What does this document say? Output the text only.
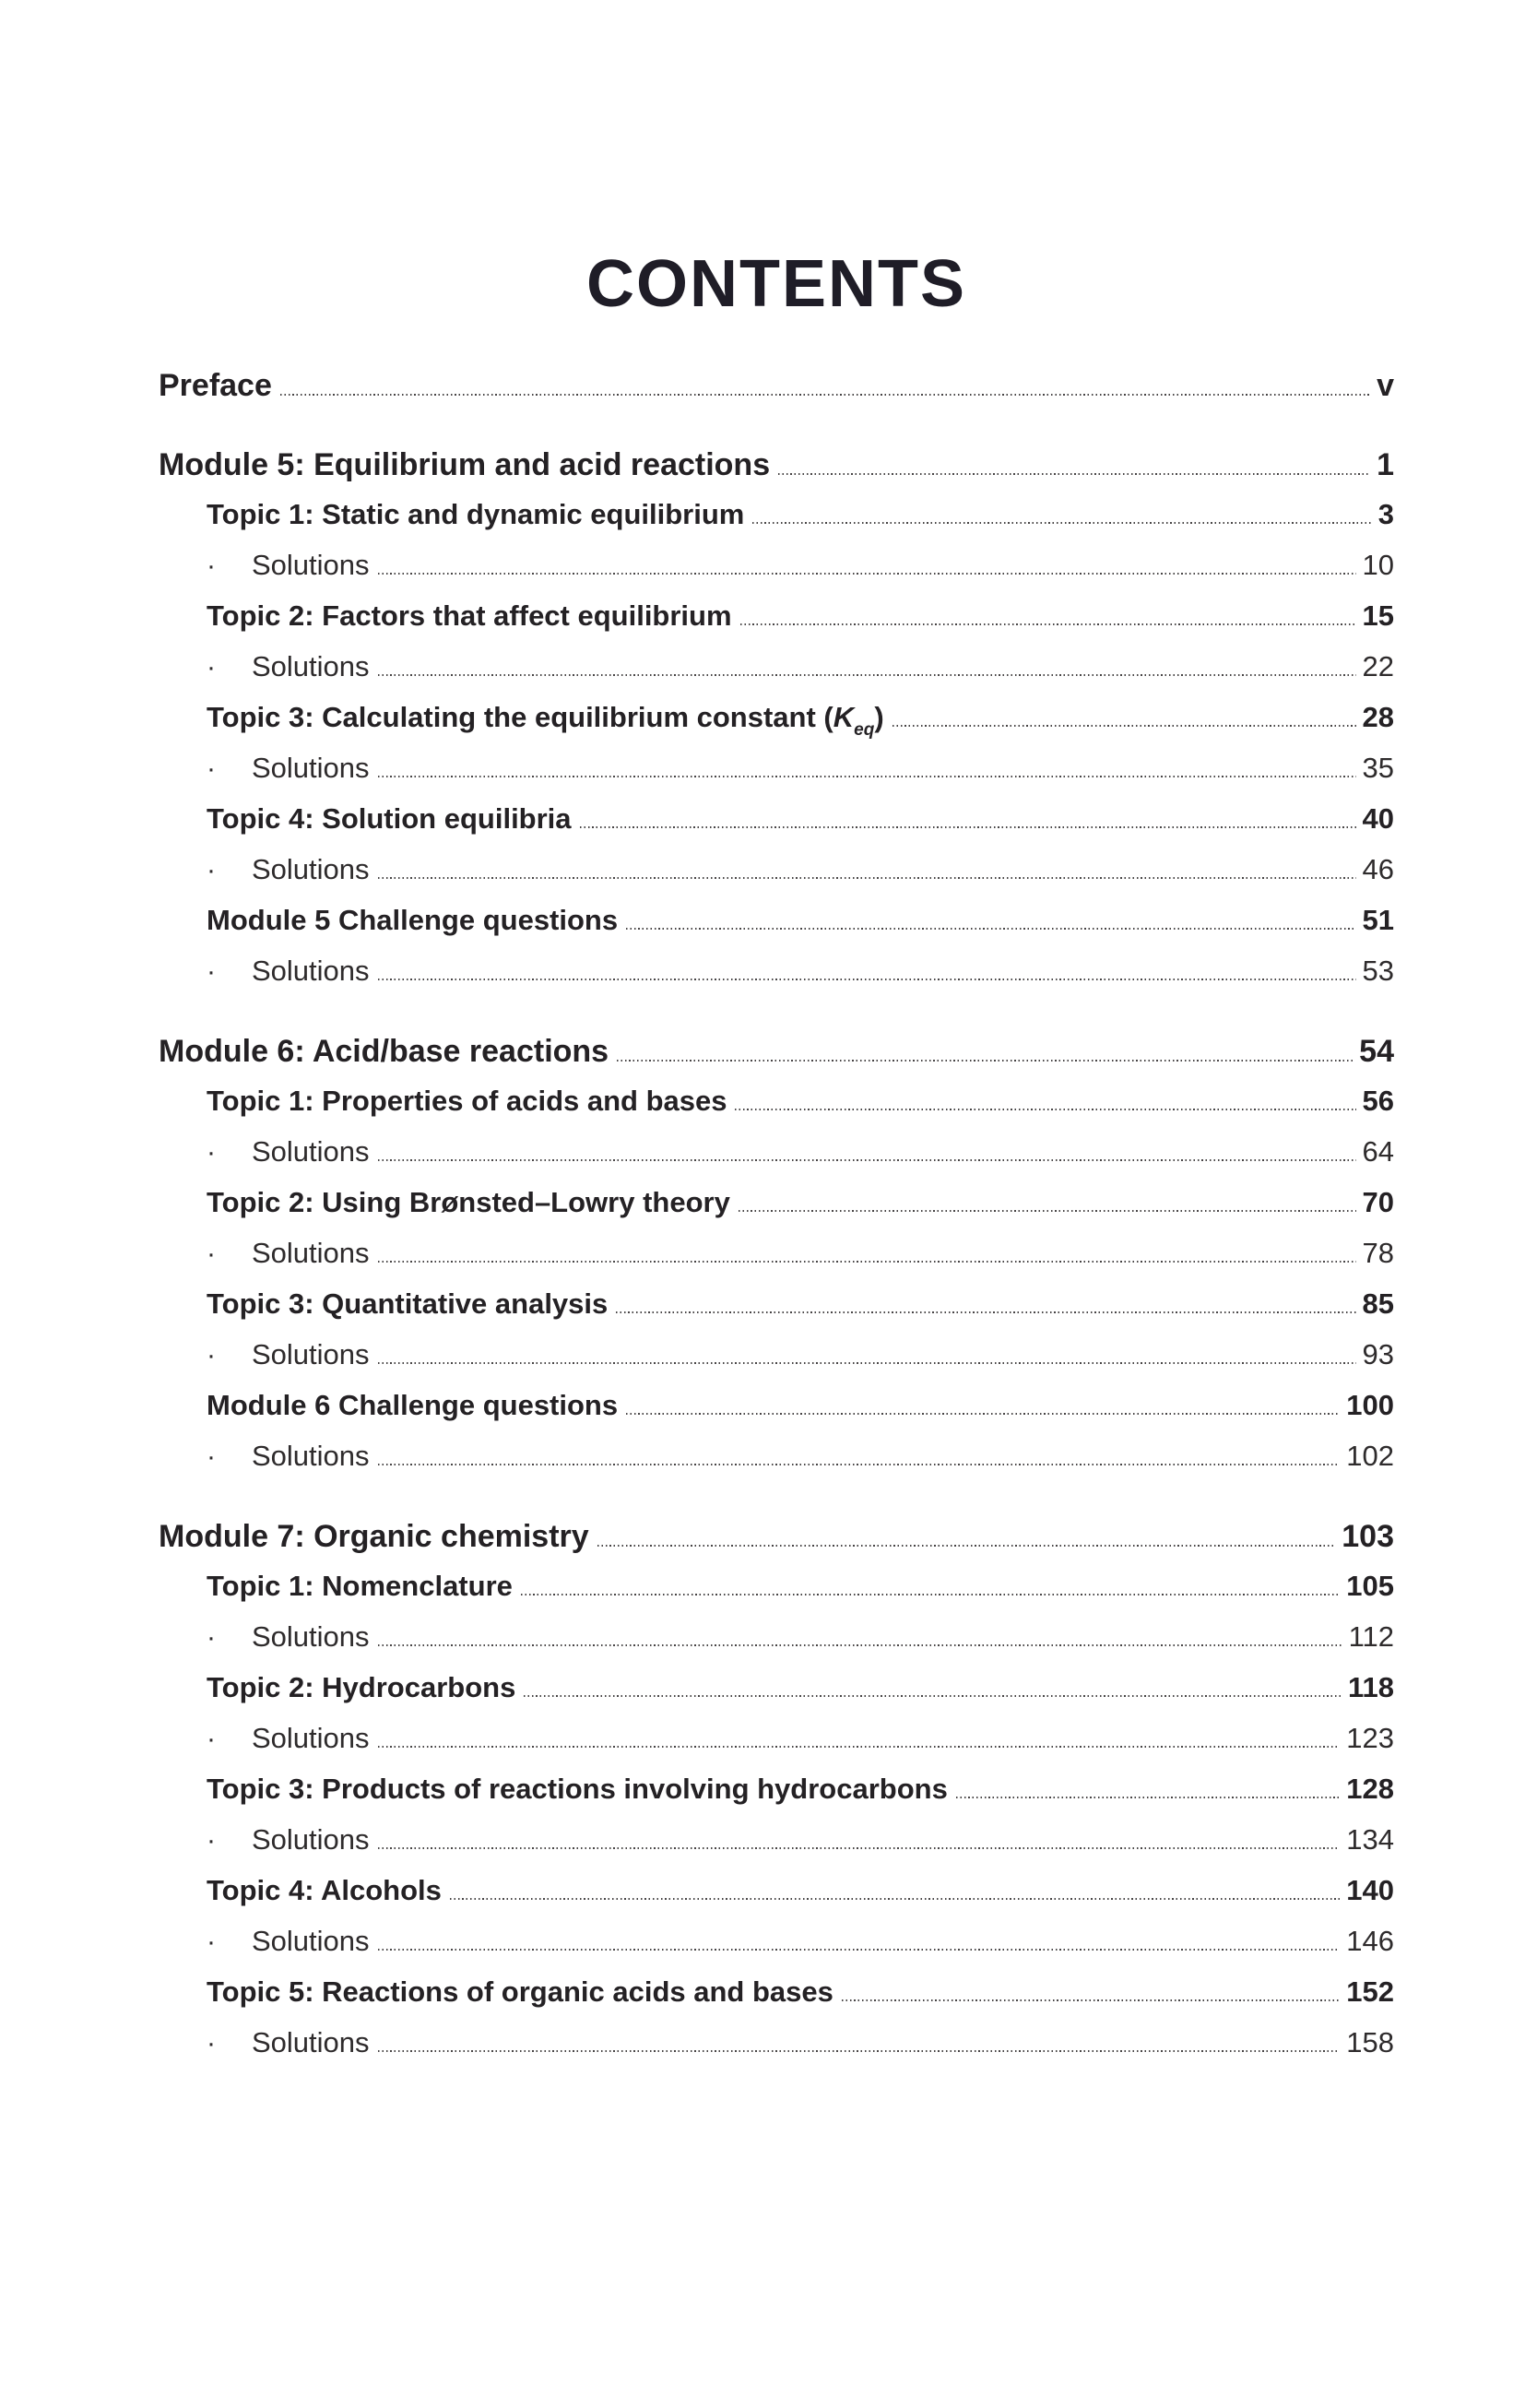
CONTENTS
Preface	v
Module 5: Equilibrium and acid reactions	1
Topic 1: Static and dynamic equilibrium	3
·	Solutions	10
Topic 2: Factors that affect equilibrium	15
·	Solutions	22
Topic 3: Calculating the equilibrium constant $(K_{eq})$	28
·	Solutions	35
Topic 4: Solution equilibria	40
·	Solutions	46
Module 5 Challenge questions	51
·	Solutions	53
Module 6: Acid/base reactions	54
Topic 1: Properties of acids and bases	56
·	Solutions	64
Topic 2: Using Brønsted–Lowry theory	70
·	Solutions	78
Topic 3: Quantitative analysis	85
·	Solutions	93
Module 6 Challenge questions	100
·	Solutions	102
Module 7: Organic chemistry	103
Topic 1: Nomenclature	105
·	Solutions	112
Topic 2: Hydrocarbons	118
·	Solutions	123
Topic 3: Products of reactions involving hydrocarbons	128
·	Solutions	134
Topic 4: Alcohols	140
·	Solutions	146
Topic 5: Reactions of organic acids and bases	152
·	Solutions	158
